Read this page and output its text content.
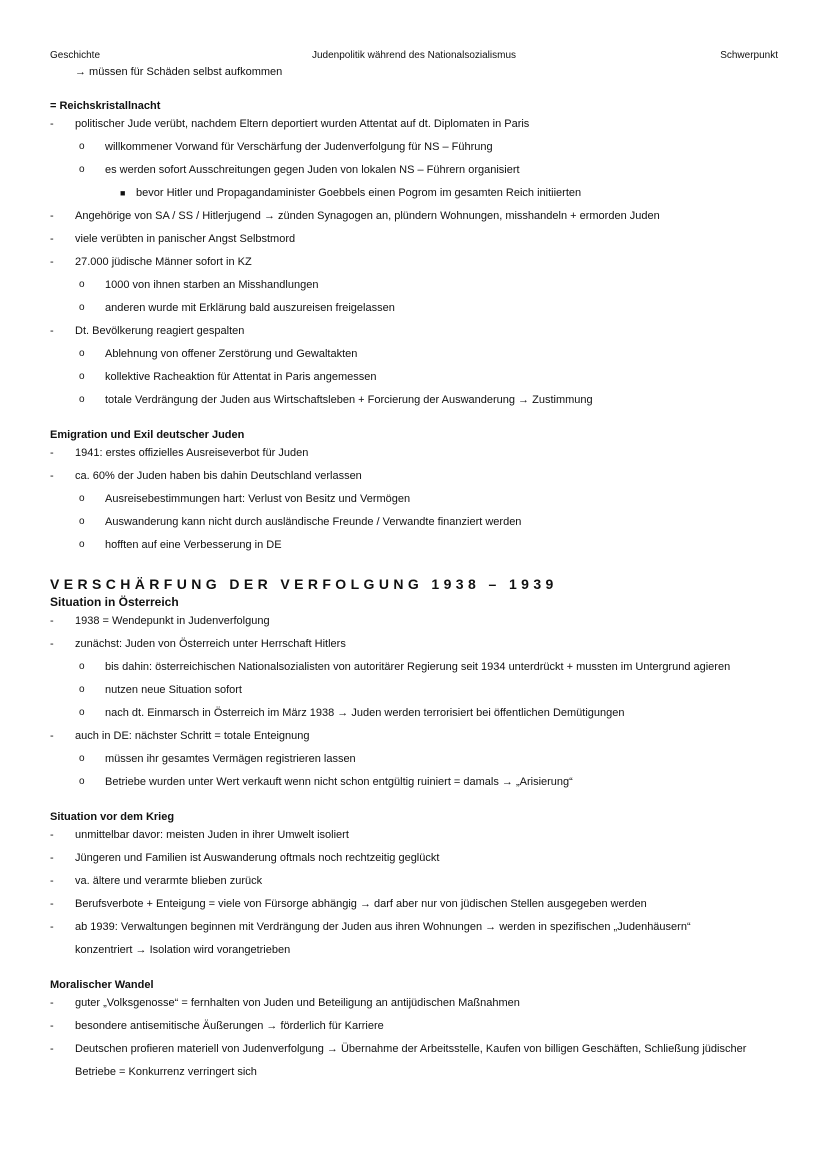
Geschichte	Judenpolitik während des Nationalsozialismus	Schwerpunkt
→ müssen für Schäden selbst aufkommen
= Reichskristallnacht
- politischer Jude verübt, nachdem Eltern deportiert wurden Attentat auf dt. Diplomaten in Paris
o willkommener Vorwand für Verschärfung der Judenverfolgung für NS – Führung
o es werden sofort Ausschreitungen gegen Juden von lokalen NS – Führern organisiert
■ bevor Hitler und Propagandaminister Goebbels einen Pogrom im gesamten Reich initiierten
- Angehörige von SA / SS / Hitlerjugend → zünden Synagogen an, plündern Wohnungen, misshandeln + ermorden Juden
- viele verübten in panischer Angst Selbstmord
- 27.000 jüdische Männer sofort in KZ
o 1000 von ihnen starben an Misshandlungen
o anderen wurde mit Erklärung bald auszureisen freigelassen
- Dt. Bevölkerung reagiert gespalten
o Ablehnung von offener Zerstörung und Gewaltakten
o kollektive Racheaktion für Attentat in Paris angemessen
o totale Verdrängung der Juden aus Wirtschaftsleben + Forcierung der Auswanderung → Zustimmung
Emigration und Exil deutscher Juden
- 1941: erstes offizielles Ausreiseverbot für Juden
- ca. 60% der Juden haben bis dahin Deutschland verlassen
o Ausreisebestimmungen hart: Verlust von Besitz und Vermögen
o Auswanderung kann nicht durch ausländische Freunde / Verwandte finanziert werden
o hofften auf eine Verbesserung in DE
VERSCHÄRFUNG DER VERFOLGUNG 1938 – 1939
Situation in Österreich
- 1938 = Wendepunkt in Judenverfolgung
- zunächst: Juden von Österreich unter Herrschaft Hitlers
o bis dahin: österreichischen Nationalsozialisten von autoritärer Regierung seit 1934 unterdrückt + mussten im Untergrund agieren
o nutzen neue Situation sofort
o nach dt. Einmarsch in Österreich im März 1938 → Juden werden terrorisiert bei öffentlichen Demütigungen
- auch in DE: nächster Schritt = totale Enteignung
o müssen ihr gesamtes Vermägen registrieren lassen
o Betriebe wurden unter Wert verkauft wenn nicht schon entgültig ruiniert = damals → „Arisierung“
Situation vor dem Krieg
- unmittelbar davor: meisten Juden in ihrer Umwelt isoliert
- Jüngeren und Familien ist Auswanderung oftmals noch rechtzeitig geglückt
- va. ältere und verarmte blieben zurück
- Berufsverbote + Enteigung = viele von Fürsorge abhängig → darf aber nur von jüdischen Stellen ausgegeben werden
- ab 1939: Verwaltungen beginnen mit Verdrängung der Juden aus ihren Wohnungen → werden in spezifischen „Judenhäusern“
konzentriert → Isolation wird vorangetrieben
Moralischer Wandel
- guter „Volksgenosse“ = fernhalten von Juden und Beteiligung an antijüdischen Maßnahmen
- besondere antisemitische Äußerungen → förderlich für Karriere
- Deutschen profieren materiell von Judenverfolgung → Übernahme der Arbeitsstelle, Kaufen von billigen Geschäften, Schließung jüdischer
Betriebe = Konkurrenz verringert sich
